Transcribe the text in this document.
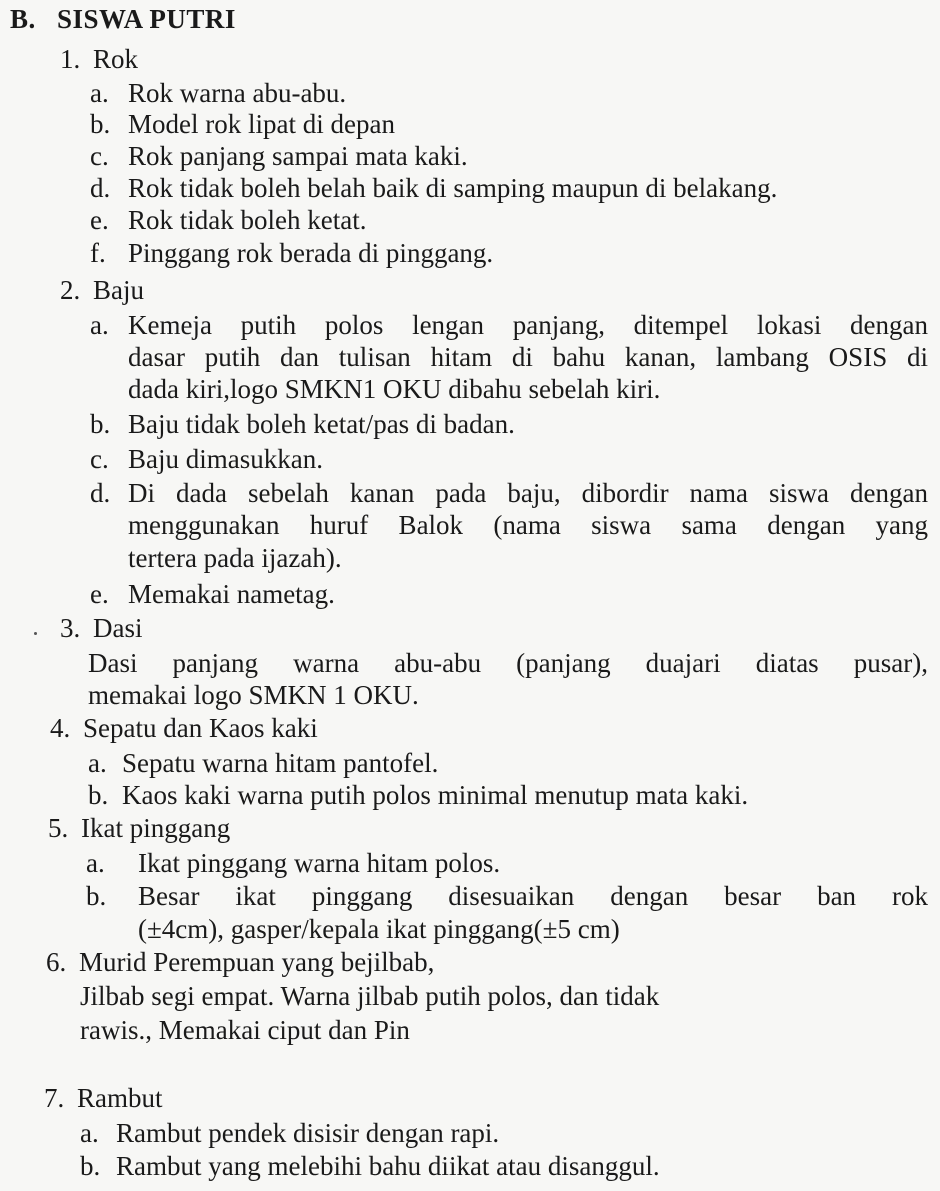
B. SISWA PUTRI
1. Rok
a. Rok warna abu-abu.
b. Model rok lipat di depan
c. Rok panjang sampai mata kaki.
d. Rok tidak boleh belah baik di samping maupun di belakang.
e. Rok tidak boleh ketat.
f. Pinggang rok berada di pinggang.
2. Baju
a. Kemeja putih polos lengan panjang, ditempel lokasi dengan
dasar putih dan tulisan hitam di bahu kanan, lambang OSIS di
dada kiri,logo SMKN1 OKU dibahu sebelah kiri.
b. Baju tidak boleh ketat/pas di badan.
c. Baju dimasukkan.
d. Di dada sebelah kanan pada baju, dibordir nama siswa dengan
menggunakan huruf Balok (nama siswa sama dengan yang
tertera pada ijazah).
e. Memakai nametag.
3. Dasi
Dasi panjang warna abu-abu (panjang duajari diatas pusar),
memakai logo SMKN 1 OKU.
4. Sepatu dan Kaos kaki
a. Sepatu warna hitam pantofel.
b. Kaos kaki warna putih polos minimal menutup mata kaki.
5. Ikat pinggang
a. Ikat pinggang warna hitam polos.
b.	Besar ikat pinggang disesuaikan dengan besar ban rok
(±4cm), gasper/kepala ikat pinggang(±5 cm)
6. Murid Perempuan yang bejilbab,
Jilbab segi empat. Warna jilbab putih polos, dan tidak
rawis., Memakai ciput dan Pin
7. Rambut
a. Rambut pendek disisir dengan rapi.
b. Rambut yang melebihi bahu diikat atau disanggul.
